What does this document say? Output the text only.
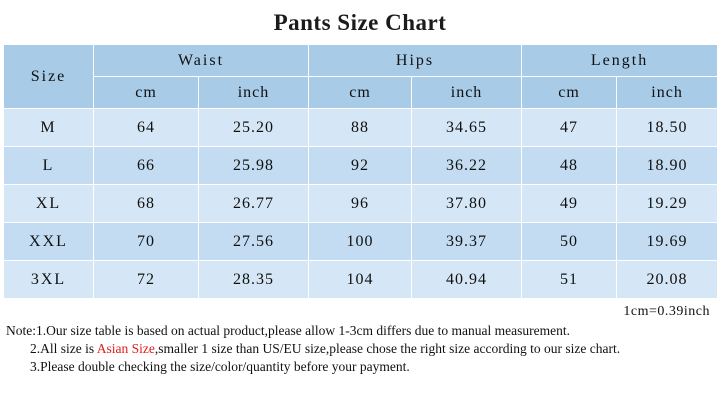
Pants Size Chart
Size	Waist		Hips		Length	
	cm	inch	cm	inch	cm	inch
M	64	25.20	88	34.65	47	18.50
L	66	25.98	92	36.22	48	18.90
XL	68	26.77	96	37.80	49	19.29
XXL	70	27.56	100	39.37	50	19.69
3XL	72	28.35	104	40.94	51	20.08
1cm=0.39inch
Note:1.Our size table is based on actual product,please allow 1-3cm differs due to manual measurement.
2.All size is Asian Size,smaller 1 size than US/EU size,please chose the right size according to our size chart.
3.Please double checking the size/color/quantity before your payment.
